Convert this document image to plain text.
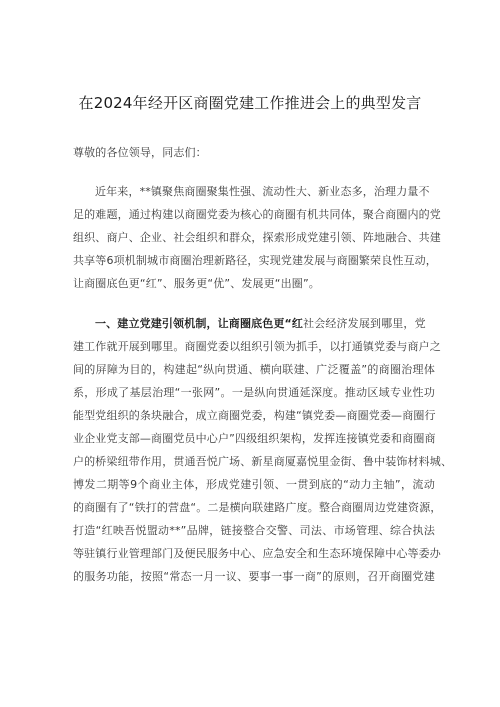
在2024年经开区商圈党建工作推进会上的典型发言
尊敬的各位领导，同志们：
近年来，**镇聚焦商圈聚集性强、流动性大、新业态多，治理力量不
足的难题，通过构建以商圈党委为核心的商圈有机共同体，聚合商圈内的党
组织、商户、企业、社会组织和群众，探索形成党建引领、阵地融合、共建
共享等6项机制城市商圈治理新路径，实现党建发展与商圈繁荣良性互动，
让商圈底色更“红”、服务更“优”、发展更“出圈”。
一、建立党建引领机制，让商圈底色更“红社会经济发展到哪里，党
建工作就开展到哪里。商圈党委以组织引领为抓手，以打通镇党委与商户之
间的屏障为目的，构建起“纵向贯通、横向联建、广泛覆盖”的商圈治理体
系，形成了基层治理“一张网”。一是纵向贯通延深度。推动区域专业性功
能型党组织的条块融合，成立商圈党委，构建“镇党委—商圈党委—商圈行
业企业党支部—商圈党员中心户”四级组织架构，发挥连接镇党委和商圈商
户的桥梁纽带作用，贯通吾悦广场、新星商厦嘉悦里金街、鲁中装饰材料城、
博发二期等9个商业主体，形成党建引领、一贯到底的“动力主轴”，流动
的商圈有了“铁打的营盘“。二是横向联建路广度。整合商圈周边党建资源，
打造“红映吾悦盟动**”品牌，链接整合交警、司法、市场管理、综合执法
等驻镇行业管理部门及便民服务中心、应急安全和生态环境保障中心等委办
的服务功能，按照“常态一月一议、要事一事一商”的原则，召开商圈党建
